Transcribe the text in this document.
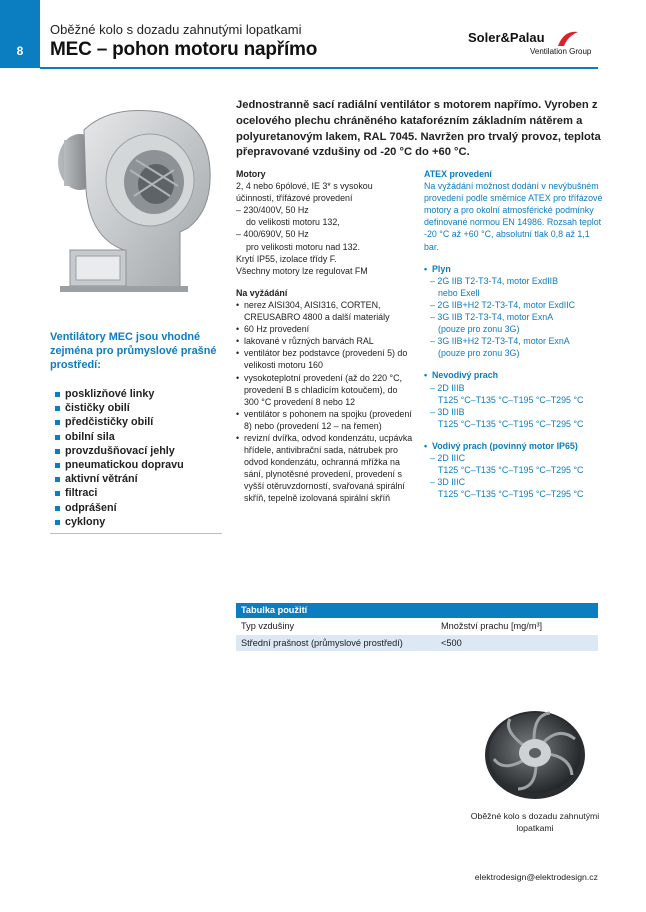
8
Oběžné kolo s dozadu zahnutými lopatkami
MEC – pohon motoru napřímo
Soler&Palau
Ventilation Group
Jednostranně sací radiální ventilátor s motorem napřímo. Vyroben z ocelového plechu chráněného kataforézním základním nátěrem a polyuretanovým lakem, RAL 7045. Navržen pro trvalý provoz, teplota přepravované vzdušiny od -20 °C do +60 °C.

Motory

2, 4 nebo 6pólové, IE 3* s vysokou

účinností, třífázové provedení

– 230/400V, 50 Hz

do velikosti motoru 132,

– 400/690V, 50 Hz

pro velikosti motoru nad 132.

Krytí IP55, izolace třídy F.

Všechny motory lze regulovat FM

Na vyžádání

• nerez AISI304, AISI316, CORTEN, CREUSABRO 4800 a další materiály

• 60 Hz provedení

• lakované v různých barvách RAL

• ventilátor bez podstavce (provedení 5) do velikosti motoru 160

• vysokoteplotní provedení (až do 220 °C, provedení B s chladicím kotoučem), do 300 °C provedení 8 nebo 12

• ventilátor s pohonem na spojku (provedení 8) nebo (provedení 12 – na řemen)

• revizní dvířka, odvod kondenzátu, ucpávka hřídele, antivibrační sada, nátrubek pro odvod kondenzátu, ochranná mřížka na sání, plynotěsné provedení, provedení s vyšší otěruvzdorností, svařovaná spirální skříň, tepelně izolovaná spirální skříň

ATEX provedení

Na vyžádání možnost dodání v nevýbušném provedení podle směrnice ATEX pro třífázové motory a pro okolní atmosférické podmínky definované normou EN 14986. Rozsah teplot -20 °C až +60 °C, absolutní tlak 0,8 až 1,1 bar.

• Plyn

– 2G IIB T2-T3-T4, motor ExdIIB

nebo Exell

– 2G IIB+H2 T2-T3-T4, motor ExdIIC

– 3G IIB T2-T3-T4, motor ExnA

(pouze pro zonu 3G)

– 3G IIB+H2 T2-T3-T4, motor ExnA

(pouze pro zonu 3G)

• Nevodivý prach

– 2D IIIB

T125 °C–T135 °C–T195 °C–T295 °C

– 3D IIIB

T125 °C–T135 °C–T195 °C–T295 °C

• Vodivý prach (povinný motor IP65)

– 2D IIIC

T125 °C–T135 °C–T195 °C–T295 °C

– 3D IIIC

T125 °C–T135 °C–T195 °C–T295 °C

Ventilátory MEC jsou vhodné zejména pro průmyslové prašné prostředí:
posklizňové linky
čističky obilí
předčističky obilí
obilní sila
provzdušňovací jehly
pneumatickou dopravu
aktivní větrání
filtraci
odprášení
cyklony
Tabulka použití
Typ vzdušiny	Množství prachu [mg/m³]
Střední prašnost (průmyslové prostředí)	<500
Oběžné kolo s dozadu zahnutými lopatkami
elektrodesign@elektrodesign.cz
